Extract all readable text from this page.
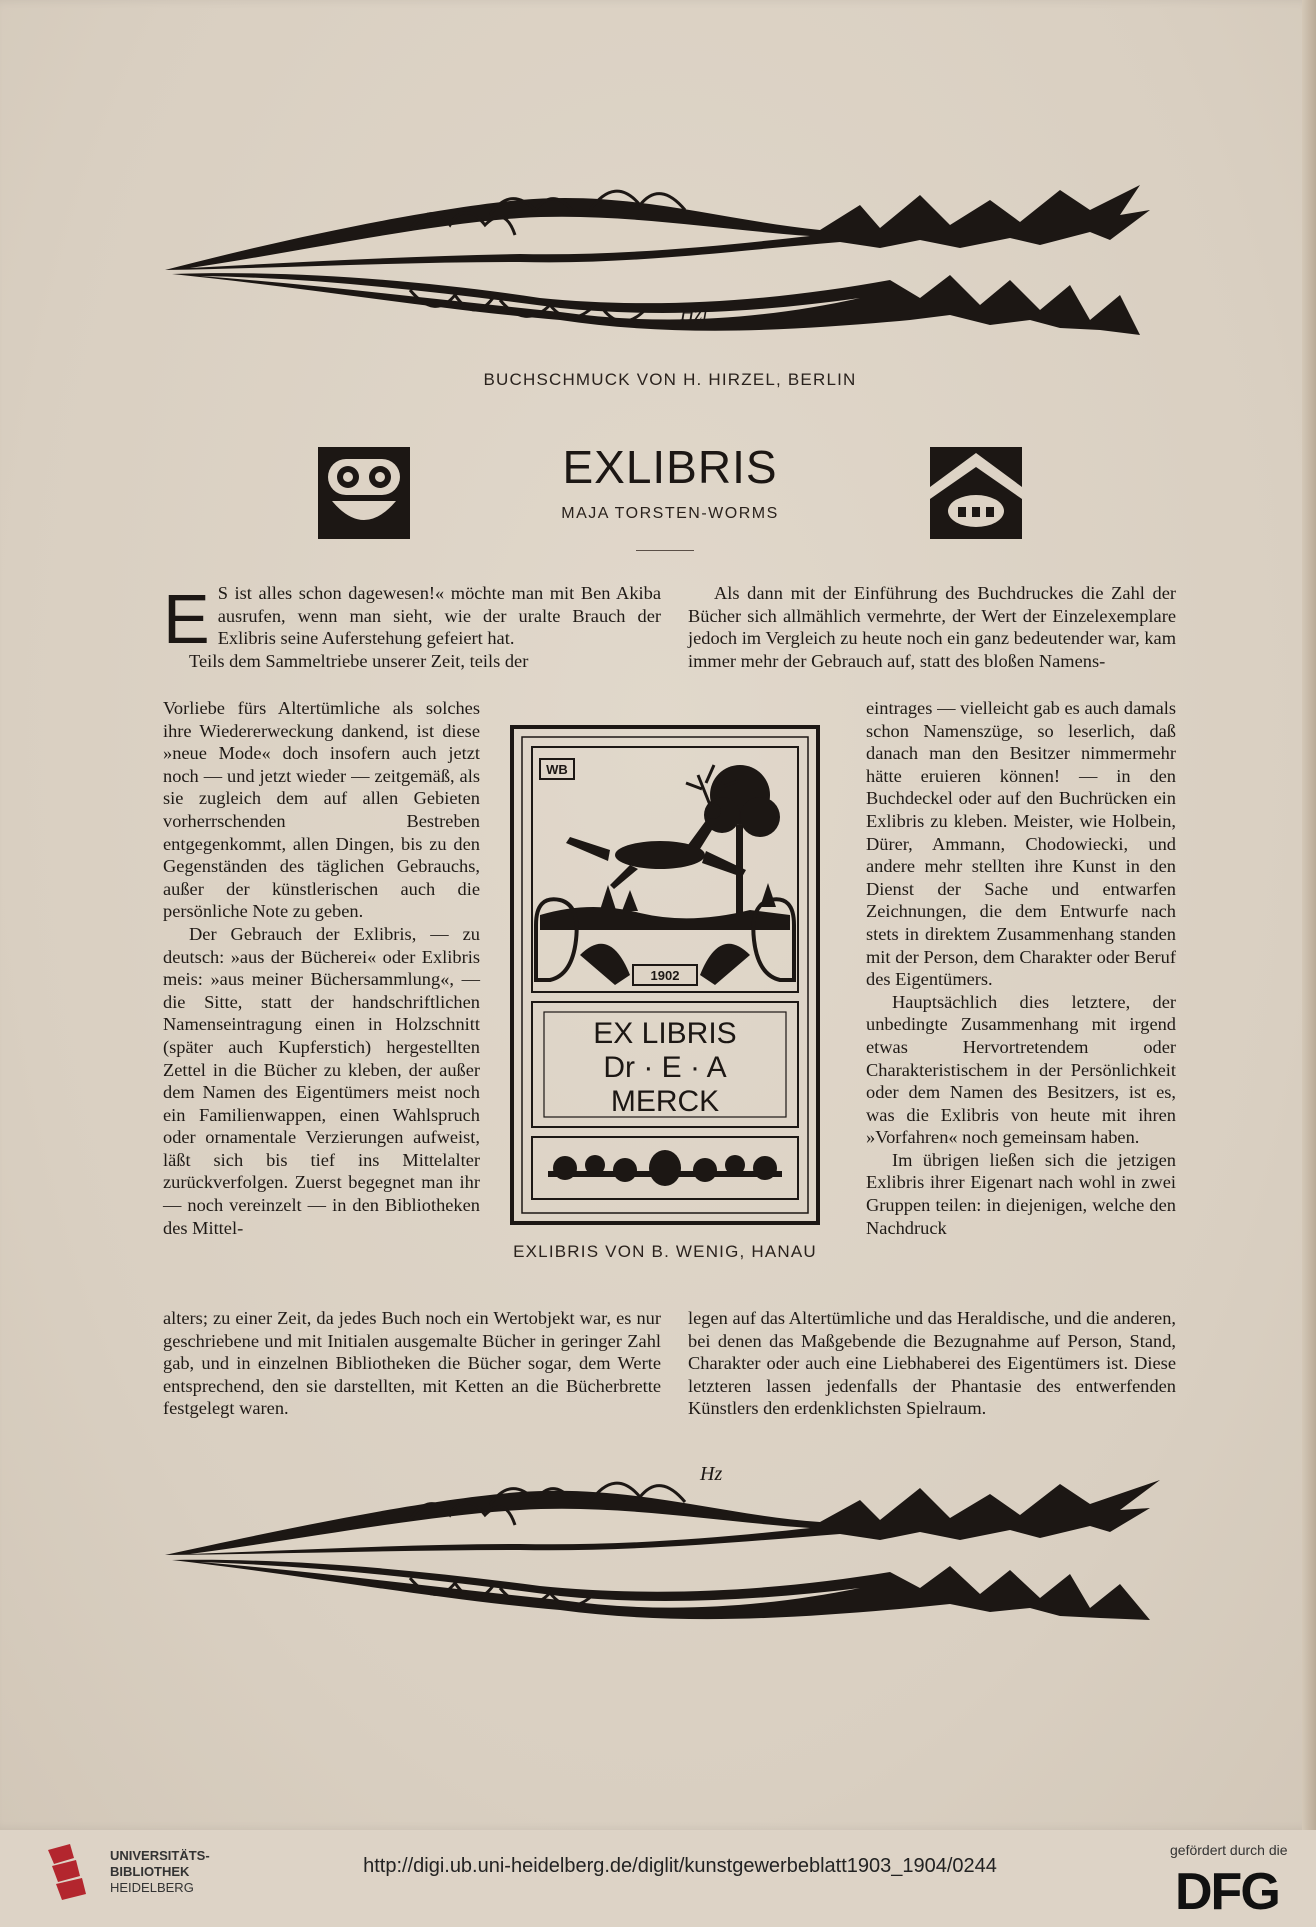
Hzl
BUCHSCHMUCK VON H. HIRZEL, BERLIN
EXLIBRIS
MAJA TORSTEN-WORMS
E S ist alles schon dagewesen!« möchte man mit Ben Akiba ausrufen, wenn man sieht, wie der uralte Brauch der Exlibris seine Auferstehung gefeiert hat.

Teils dem Sammeltriebe unserer Zeit, teils der

Vorliebe fürs Altertümliche als solches ihre Wiedererweckung dankend, ist diese »neue Mode« doch insofern auch jetzt noch — und jetzt wieder — zeitgemäß, als sie zugleich dem auf allen Gebieten vorherrschenden Bestreben entgegenkommt, allen Dingen, bis zu den Gegenständen des täglichen Gebrauchs, außer der künstlerischen auch die persönliche Note zu geben.

Der Gebrauch der Exlibris, — zu deutsch: »aus der Bücherei« oder Exlibris meis: »aus meiner Büchersammlung«, — die Sitte, statt der handschriftlichen Namenseintragung einen in Holzschnitt (später auch Kupferstich) hergestellten Zettel in die Bücher zu kleben, der außer dem Namen des Eigentümers meist noch ein Familienwappen, einen Wahlspruch oder ornamentale Verzierungen aufweist, läßt sich bis tief ins Mittelalter zurückverfolgen. Zuerst begegnet man ihr — noch vereinzelt — in den Bibliotheken des Mittel-

alters; zu einer Zeit, da jedes Buch noch ein Wertobjekt war, es nur geschriebene und mit Initialen ausgemalte Bücher in geringer Zahl gab, und in einzelnen Bibliotheken die Bücher sogar, dem Werte entsprechend, den sie darstellten, mit Ketten an die Bücherbrette festgelegt waren.

Als dann mit der Einführung des Buchdruckes die Zahl der Bücher sich allmählich vermehrte, der Wert der Einzelexemplare jedoch im Vergleich zu heute noch ein ganz bedeutender war, kam immer mehr der Gebrauch auf, statt des bloßen Namens-

eintrages — vielleicht gab es auch damals schon Namenszüge, so leserlich, daß danach man den Besitzer nimmermehr hätte eruieren können! — in den Buchdeckel oder auf den Buchrücken ein Exlibris zu kleben. Meister, wie Holbein, Dürer, Ammann, Chodowiecki, und andere mehr stellten ihre Kunst in den Dienst der Sache und entwarfen Zeichnungen, die dem Entwurfe nach stets in direktem Zusammenhang standen mit der Person, dem Charakter oder Beruf des Eigentümers.

Hauptsächlich dies letztere, der unbedingte Zusammenhang mit irgend etwas Hervortretendem oder Charakteristischem in der Persönlichkeit oder dem Namen des Besitzers, ist es, was die Exlibris von heute mit ihren »Vorfahren« noch gemeinsam haben.

Im übrigen ließen sich die jetzigen Exlibris ihrer Eigenart nach wohl in zwei Gruppen teilen: in diejenigen, welche den Nachdruck

legen auf das Altertümliche und das Heraldische, und die anderen, bei denen das Maßgebende die Bezugnahme auf Person, Stand, Charakter oder auch eine Liebhaberei des Eigentümers ist. Diese letzteren lassen jedenfalls der Phantasie des entwerfenden Künstlers den erdenklichsten Spielraum.

WB
1902
EX LIBRIS
Dr · E · A
MERCK
EXLIBRIS VON B. WENIG, HANAU
Hz
UNIVERSITÄTS-
BIBLIOTHEK
HEIDELBERG
http://digi.ub.uni-heidelberg.de/diglit/kunstgewerbeblatt1903_1904/0244
gefördert durch die
DFG
